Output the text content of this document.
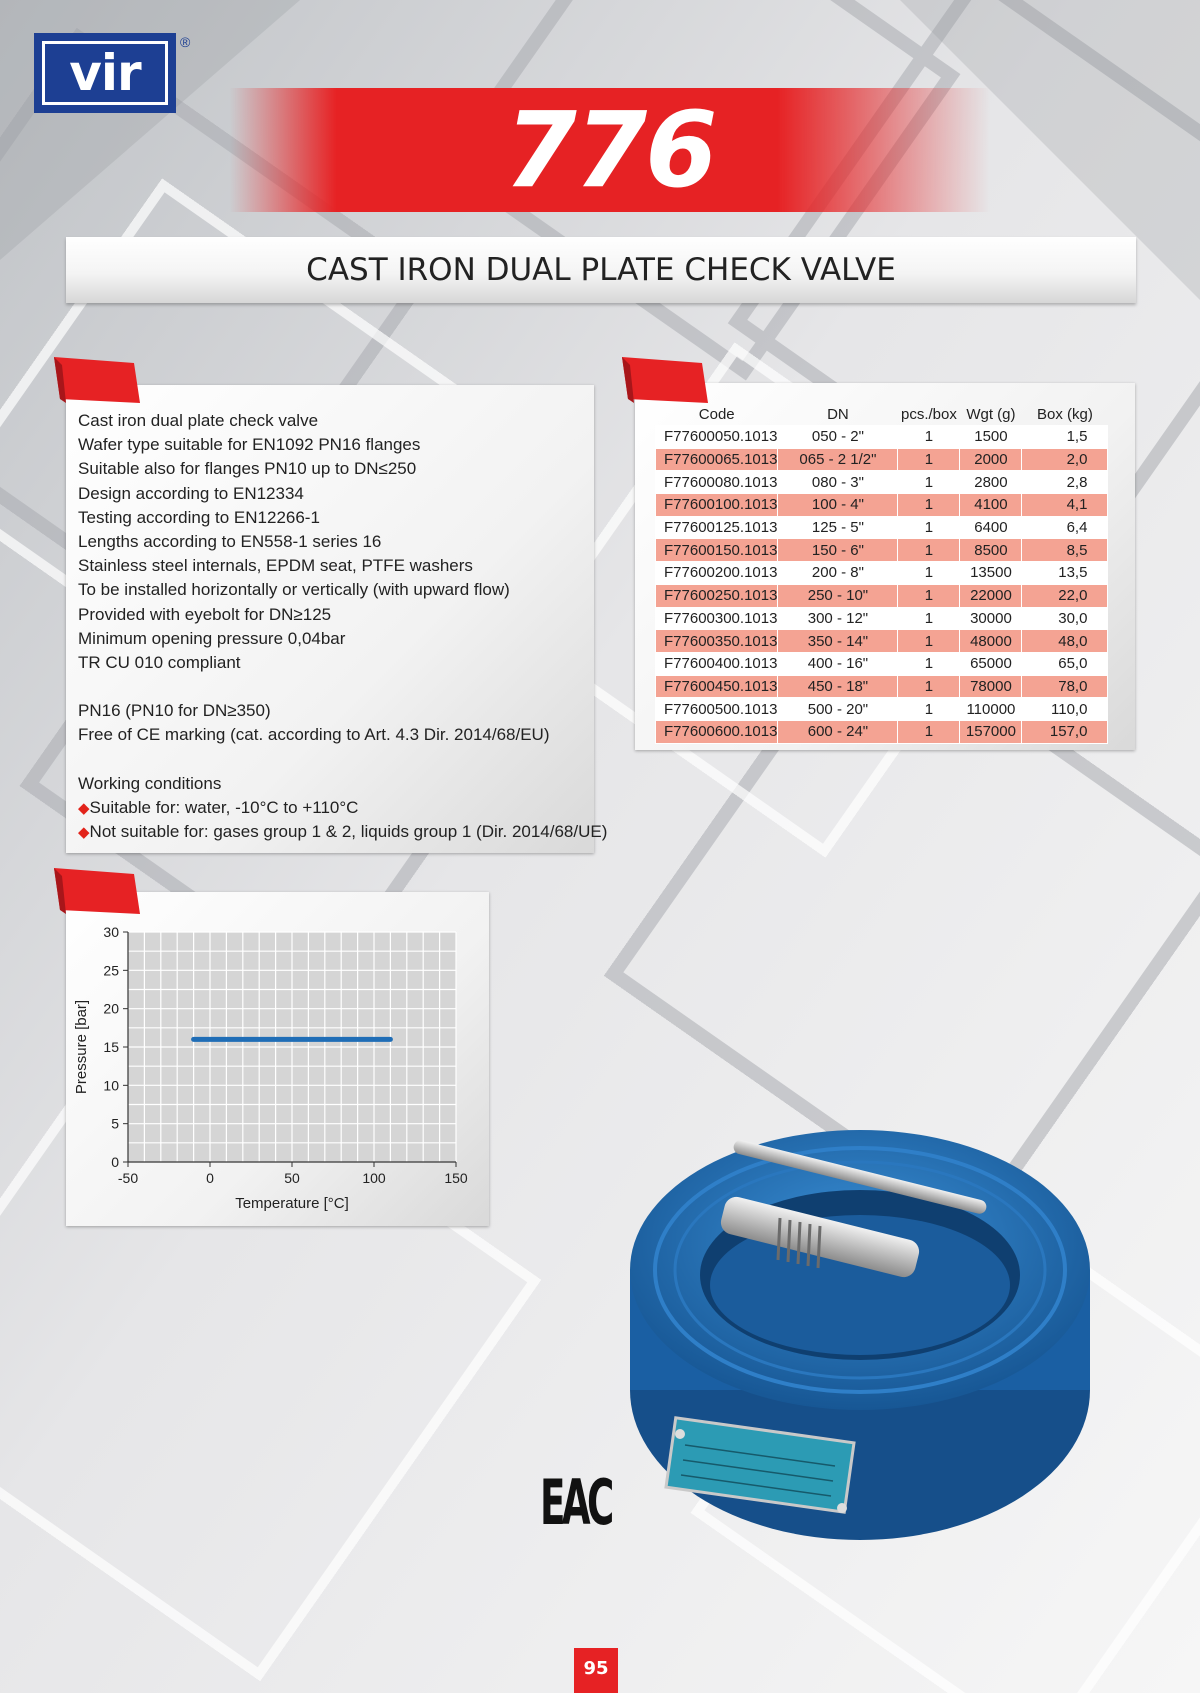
vir
®
776
CAST IRON DUAL PLATE CHECK VALVE
Cast iron dual plate check valve
Wafer type suitable for EN1092 PN16 flanges
Suitable also for flanges PN10 up to DN≤250
Design according to EN12334
Testing according to EN12266-1
Lengths according to EN558-1 series 16
Stainless steel internals, EPDM seat, PTFE washers
To be installed horizontally or vertically (with upward flow)
Provided with eyebolt for DN≥125
Minimum opening pressure 0,04bar
TR CU 010 compliant
PN16 (PN10 for DN≥350)
Free of CE marking (cat. according to Art. 4.3 Dir. 2014/68/EU)
Working conditions
◆Suitable for: water, -10°C to +110°C
◆Not suitable for: gases group 1 & 2, liquids group 1 (Dir. 2014/68/UE)
Code	DN	pcs./box	Wgt (g)	Box (kg)
F77600050.1013	050 - 2"	1	1500	1,5
F77600065.1013	065 - 2 1/2"	1	2000	2,0
F77600080.1013	080 - 3"	1	2800	2,8
F77600100.1013	100 - 4"	1	4100	4,1
F77600125.1013	125 - 5"	1	6400	6,4
F77600150.1013	150 - 6"	1	8500	8,5
F77600200.1013	200 - 8"	1	13500	13,5
F77600250.1013	250 - 10"	1	22000	22,0
F77600300.1013	300 - 12"	1	30000	30,0
F77600350.1013	350 - 14"	1	48000	48,0
F77600400.1013	400 - 16"	1	65000	65,0
F77600450.1013	450 - 18"	1	78000	78,0
F77600500.1013	500 - 20"	1	110000	110,0
F77600600.1013	600 - 24"	1	157000	157,0
-50	0	50	100	150
0
5
10
15
20
25
30
Temperature [°C]
Pressure [bar]
EAC
95
